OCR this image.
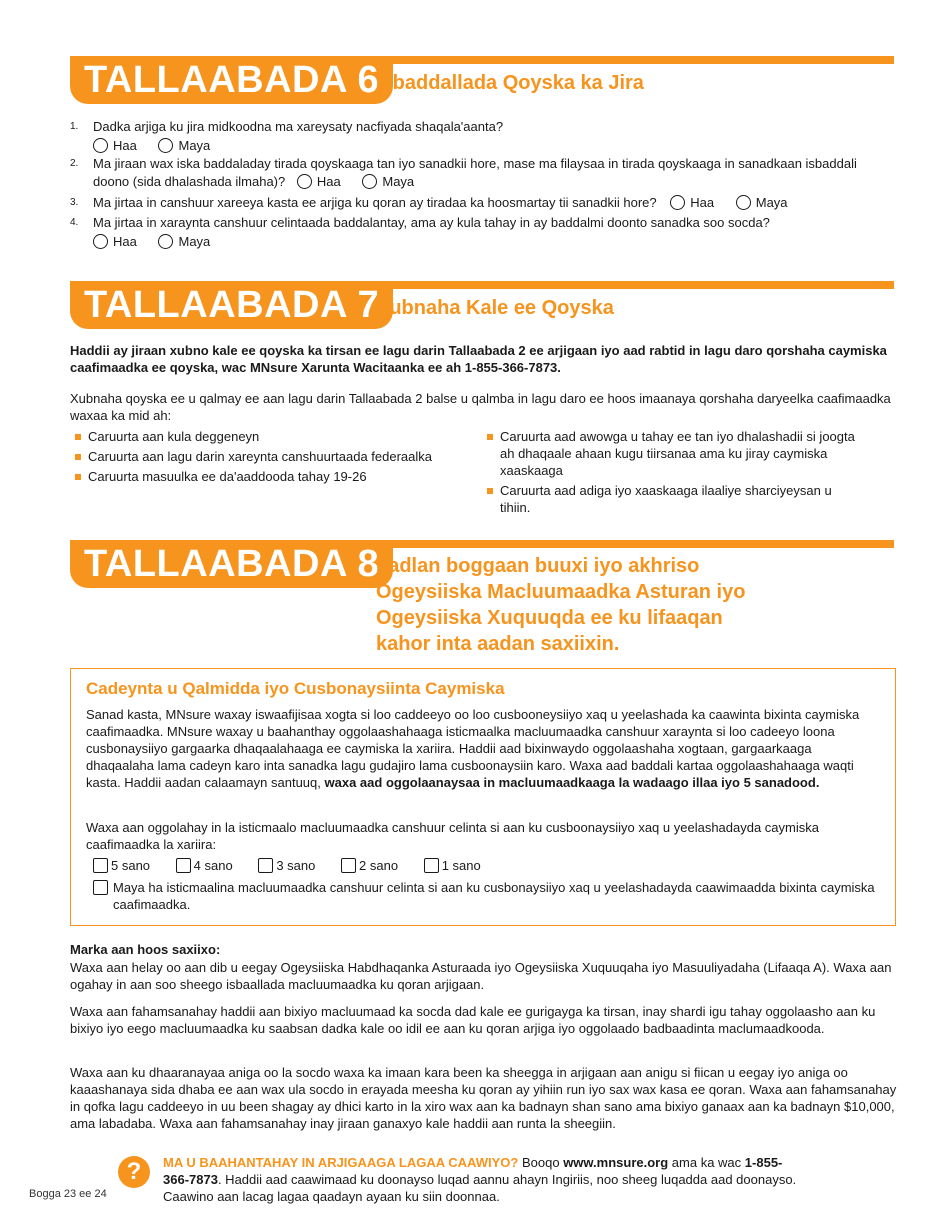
TALLAABADA 6
Isbaddallada Qoyska ka Jira
1.	Dadka arjiga ku jira midkoodna ma xareysaty nacfiyada shaqala'aanta?
Haa	Maya
2.	Ma jiraan wax iska baddaladay tirada qoyskaaga tan iyo sanadkii hore, mase ma filaysaa in tirada qoyskaaga in sanadkaan isbaddali doono (sida dhalashada ilmaha)? Haa	Maya
3.	Ma jirtaa in canshuur xareeya kasta ee arjiga ku qoran ay tiradaa ka hoosmartay tii sanadkii hore?	Haa	Maya
4.	Ma jirtaa in xaraynta canshuur celintaada baddalantay, ama ay kula tahay in ay baddalmi doonto sanadka soo socda?
Haa	Maya
TALLAABADA 7
Xubnaha Kale ee Qoyska
Haddii ay jiraan xubno kale ee qoyska ka tirsan ee lagu darin Tallaabada 2 ee arjigaan iyo aad rabtid in lagu daro qorshaha caymiska caafimaadka ee qoyska, wac MNsure Xarunta Wacitaanka ee ah 1-855-366-7873.
Xubnaha qoyska ee u qalmay ee aan lagu darin Tallaabada 2 balse u qalmba in lagu daro ee hoos imaanaya qorshaha daryeelka caafimaadka waxaa ka mid ah:
Caruurta aan kula deggeneyn
Caruurta aan lagu darin xareynta canshuurtaada federaalka
Caruurta masuulka ee da'aaddooda tahay 19-26
Caruurta aad awowga u tahay ee tan iyo dhalashadii si joogta ah dhaqaale ahaan kugu tiirsanaa ama ku jiray caymiska xaaskaaga
Caruurta aad adiga iyo xaaskaaga ilaaliye sharciyeysan u tihiin.
TALLAABADA 8
Fadlan boggaan buuxi iyo akhriso
Ogeysiiska Macluumaadka Asturan iyo
Ogeysiiska Xuquuqda ee ku lifaaqan
kahor inta aadan saxiixin.
Cadeynta u Qalmidda iyo Cusbonaysiinta Caymiska
Sanad kasta, MNsure waxay iswaafijisaa xogta si loo caddeeyo oo loo cusbooneysiiyo xaq u yeelashada ka caawinta bixinta caymiska caafimaadka. MNsure waxay u baahanthay oggolaashahaaga isticmaalka macluumaadka canshuur xaraynta si loo cadeeyo loona cusbonaysiiyo gargaarka dhaqaalahaaga ee caymiska la xariira. Haddii aad bixinwaydo oggolaashaha xogtaan, gargaarkaaga dhaqaalaha lama cadeyn karo inta sanadka lagu gudajiro lama cusboonaysiin karo. Waxa aad baddali kartaa oggolaashahaaga waqti kasta. Haddii aadan calaamayn santuuq, waxa aad oggolaanaysaa in macluumaadkaaga la wadaago illaa iyo 5 sanadood.
Waxa aan oggolahay in la isticmaalo macluumaadka canshuur celinta si aan ku cusboonaysiiyo xaq u yeelashadayda caymiska caafimaadka la xariira:
5 sano	4 sano	3 sano	2 sano	1 sano
Maya ha isticmaalina macluumaadka canshuur celinta si aan ku cusbonaysiiyo xaq u yeelashadayda caawimaadda bixinta caymiska caafimaadka.
Marka aan hoos saxiixo:
Waxa aan helay oo aan dib u eegay Ogeysiiska Habdhaqanka Asturaada iyo Ogeysiiska Xuquuqaha iyo Masuuliyadaha (Lifaaqa A). Waxa aan ogahay in aan soo sheego isbaallada macluumaadka ku qoran arjigaan.
Waxa aan fahamsanahay haddii aan bixiyo macluumaad ka socda dad kale ee gurigayga ka tirsan, inay shardi igu tahay oggolaasho aan ku bixiyo iyo eego macluumaadka ku saabsan dadka kale oo idil ee aan ku qoran arjiga iyo oggolaado badbaadinta maclumaadkooda.
Waxa aan ku dhaaranayaa aniga oo la socdo waxa ka imaan kara been ka sheegga in arjigaan aan anigu si fiican u eegay iyo aniga oo kaaashanaya sida dhaba ee aan wax ula socdo in erayada meesha ku qoran ay yihiin run iyo sax wax kasa ee qoran. Waxa aan fahamsanahay in qofka lagu caddeeyo in uu been shagay ay dhici karto in la xiro wax aan ka badnayn shan sano ama bixiyo ganaax aan ka badnayn $10,000, ama labadaba. Waxa aan fahamsanahay inay jiraan ganaxyo kale haddii aan runta la sheegiin.
?	MA U BAAHANTAHAY IN ARJIGAAGA LAGAA CAAWIYO? Booqo www.mnsure.org ama ka wac 1-855-366-7873. Haddii aad caawimaad ku doonayso luqad aannu ahayn Ingiriis, noo sheeg luqadda aad doonayso. Caawino aan lacag lagaa qaadayn ayaan ku siin doonnaa.
Bogga 23 ee 24
